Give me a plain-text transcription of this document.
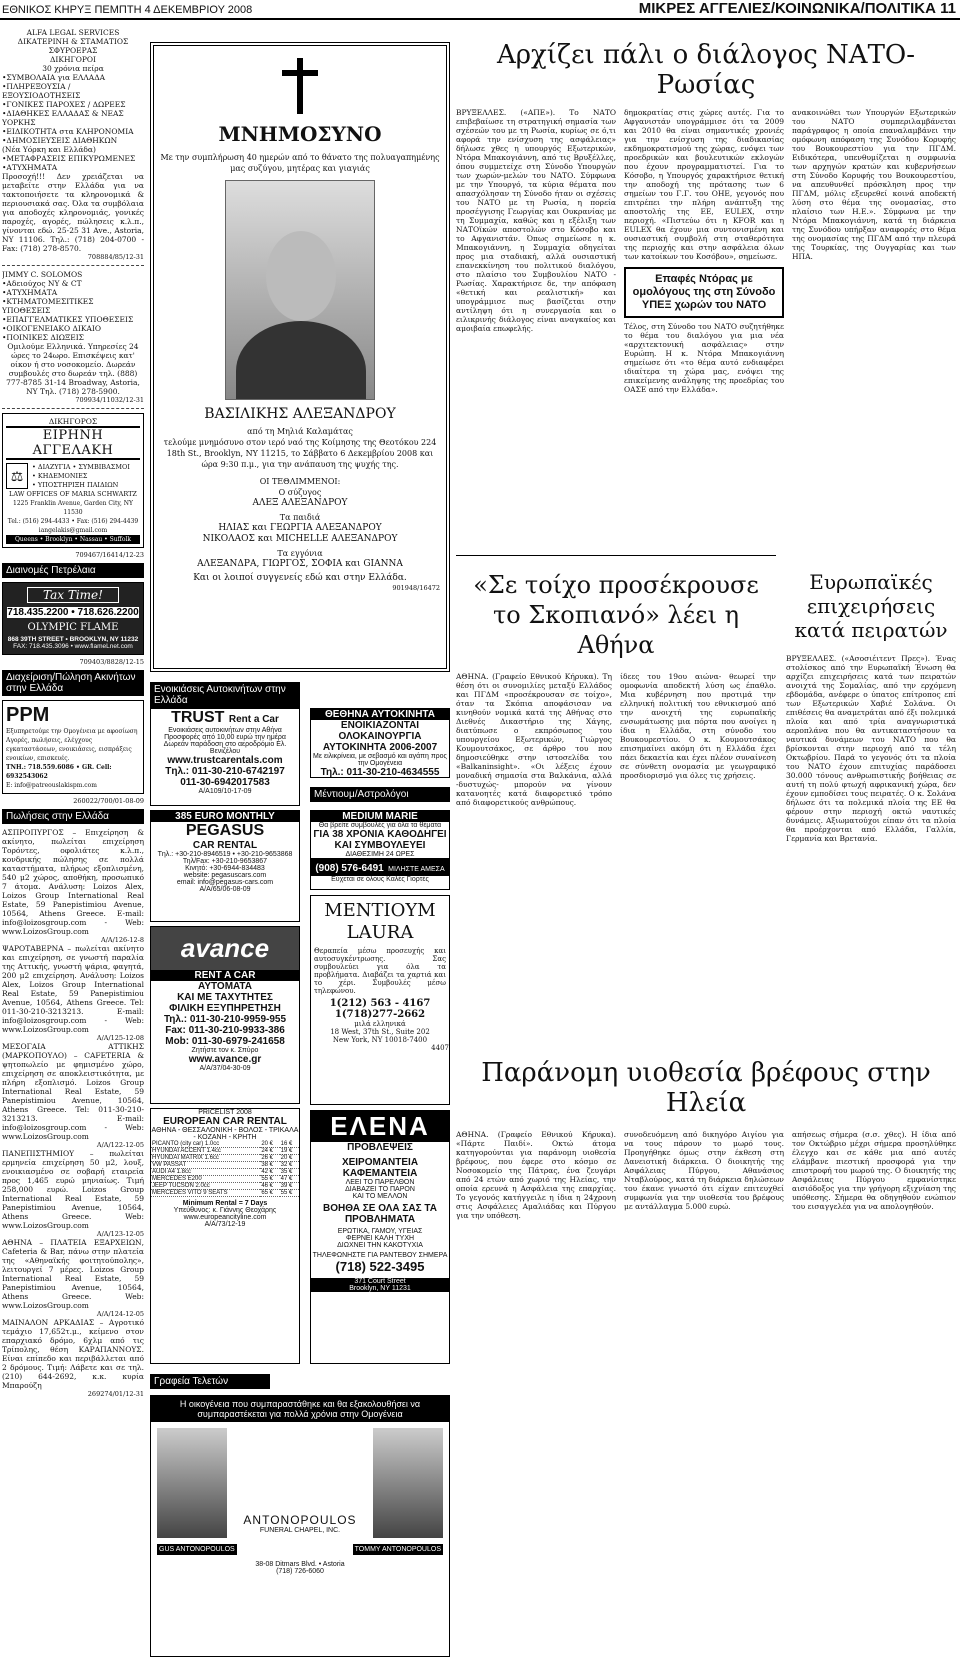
ΕΘΝΙΚΟΣ ΚΗΡΥΞ ΠΕΜΠΤΗ 4 ΔΕΚΕΜΒΡΙΟΥ 2008	ΜΙΚΡΕΣ ΑΓΓΕΛΙΕΣ/ΚΟΙΝΩΝΙΚΑ/ΠΟΛΙΤΙΚΑ 11
ALFA LEGAL SERVICES
ΔΙΚΑΤΕΡΙΝΗ & ΣΤΑΜΑΤΙΟΣ ΣΦΥΡΟΕΡΑΣ
ΔΙΚΗΓΟΡΟΙ
30 χρόνια πείρα
•ΣΥΜΒΟΛΑΙΑ για ΕΛΛΑΔΑ
•ΠΛΗΡΕΞΟΥΣΙΑ / ΕΞΟΥΣΙΟΔΟΤΗΣΕΙΣ
•ΓΟΝΙΚΕΣ ΠΑΡΟΧΕΣ / ΔΩΡΕΕΣ
•ΔΙΑΘΗΚΕΣ ΕΛΛΑΔΑΣ & ΝΕΑΣ ΥΟΡΚΗΣ
•ΕΙΔΙΚΟΤΗΤΑ στα ΚΛΗΡΟΝΟΜΙΑ
•ΔΗΜΟΣΙΕΥΣΕΙΣ ΔΙΑΘΗΚΩΝ
(Νέα Υόρκη και Ελλάδα)
•ΜΕΤΑΦΡΑΣΕΙΣ ΕΠΙΚΥΡΩΜΕΝΕΣ
•ΑΤΥΧΗΜΑΤΑ
Προσοχή!!! Δεν χρειάζεται να μεταβείτε στην Ελλάδα για να τακτοποιήσετε τα κληρονομικά & περιουσιακά σας. Όλα τα συμβόλαια για αποδοχές κληρονομιάς, γονικές παροχές, αγορές, πώλησεις κ.λ.π., γίνονται εδώ. 25-25 31 Ave., Astoria, NY 11106. Τηλ.: (718) 204-0700 - Fax: (718) 278-8570.
708884/85/12-31
JIMMY C. SOLOMOS
•Αδειούχος ΝΥ & CT
•ΑΤΥΧΗΜΑΤΑ
•ΚΤΗΜΑΤΟΜΕΣΙΤΙΚΕΣ ΥΠΟΘΕΣΕΙΣ
•ΕΠΑΓΓΕΛΜΑΤΙΚΕΣ ΥΠΟΘΕΣΕΙΣ
•ΟΙΚΟΓΕΝΕΙΑΚΟ ΔΙΚΑΙΟ
•ΠΟΙΝΙΚΕΣ ΔΙΩΞΕΙΣ
Ομιλούμε Ελληνικά. Υπηρεσίες 24 ώρες το 24ωρο. Επισκέψεις κατ' οίκον ή στο νοσοκομείο. Δωρεάν συμβουλές στο δωρεάν τηλ. (888) 777-8785 31-14 Broadway, Astoria, NY Τηλ. (718) 278-5900.
709934/11032/12-31
ΔΙΚΗΓΟΡΟΣ
ΕΙΡΗΝΗ ΑΓΓΕΛΑΚΗ
⚖
• ΔΙΑΖΥΓΙΑ • ΣΥΜΒΙΒΑΣΜΟΙ
• ΚΗΔΕΜΟΝΙΕΣ
• ΥΠΟΣΤΗΡΙΞΗ ΠΑΙΔΙΩΝ
LAW OFFICES OF MARIA SCHWARTZ
1225 Franklin Avenue, Garden City, NY 11530
Tel.: (516) 294-4433 • Fax: (516) 294-4439
iangelakis@gmail.com
Queens • Brooklyn • Nassau • Suffolk
709467/16414/12-23
Διαινομές Πετρέλαια
Tax Time!
718.435.2200 • 718.626.2200
OLYMPIC FLAME
868 39TH STREET • BROOKLYN, NY 11232
FAX: 718.435.3096 • www.flameLnet.com
709403/8828/12-15
Διαχείριση/Πώληση Ακινήτων στην Ελλάδα
PPM
Εξυπηρετούμε την Ομογένεια με αφοσίωση Αγορές, πωλήσεις, ελέγχους εγκαταστάσεων, ενοικιάσεις, εισπράξεις ενοικίων, επισκευές.
TNH.: 718.559.6086 • GR. Cell: 6932543062
E: info@patreouslakispm.com
260022/700/01-08-09
Πωλήσεις στην Ελλάδα
ΑΣΠΡΟΠΥΡΓΟΣ – Επιχείρηση & ακίνητο, πωλείται επιχείρηση Τορόντες, οφολιάτες κ.λ.π., κονδρικής πώλησης σε πολλά καταστήματα, πλήρως εξοπλισμένη, 540 μ2 χώρος, αποθήκη, προσωπικό 7 άτομα. Ανάλυση: Loizos Alex, Loizos Group International Real Estate, 59 Panepistimiou Avenue, 10564, Athens Greece. E-mail: info@loizosgroup.com - Web: www.LoizosGroup.com
A/A/126-12-8
ΨΑΡΟΤΑΒΕΡΝΑ – πωλείται ακίνητο και επιχείρηση, σε γνωστή παραλία της Αττικής, γνωστή ψάρια, φαγητά, 200 μ2 επιχείρηση. Ανάλυση: Loizos Alex, Loizos Group International Real Estate, 59 Panepistimiou Avenue, 10564, Athens Greece. Tel: 011-30-210-3213213. E-mail: info@loizosgroup.com - Web: www.LoizosGroup.com
A/A/125-12-08
ΜΕΣΟΓΑΙΑ ΑΤΤΙΚΗΣ (ΜΑΡΚΟΠΟΥΛΟ) – CAFETERIA & ψητοπωλείο με φημισμένο χώρο, επιχείρηση σε αποκλειστικότητα, με πλήρη εξοπλισμό. Loizos Group International Real Estate, 59 Panepistimiou Avenue, 10564, Athens Greece. Tel: 011-30-210-3213213. E-mail: info@loizosgroup.com - Web: www.LoizosGroup.com
A/A/122-12-05
ΠΑΝΕΠΙΣΤΗΜΙΟΥ – πωλείται ερμηνεία επιχείρηση 50 μ2, λουξ, ενοικιασμένο σε σοβαρή εταιρεία προς 1,465 ευρώ μηνιαίως. Τιμή 258,000 ευρώ. Loizos Group International Real Estate, 59 Panepistimiou Avenue, 10564, Athens Greece. Web: www.LoizosGroup.com
A/A/123-12-05
ΑΘΗΝΑ – ΠΛΑΤΕΙΑ ΕΞΑΡΧΕΙΩΝ, Cafeteria & Bar, πάνω στην πλατεία της «Αθηναϊκής φοιτητούπολης», λειτουργεί 7 μέρες. Loizos Group International Real Estate, 59 Panepistimiou Avenue, 10564, Athens Greece. Web: www.LoizosGroup.com
A/A/124-12-05
ΜΑΙΝΑΛΟΝ ΑΡΚΑΔΙΑΣ – Αγροτικό τεμάχιο 17,652τ.μ., κείμενο στον επαρχιακό δρόμο, 6χλμ από τις Τρίπολης, θέση ΚΑΡΑΠΑΝΝΟΥΣ. Είναι επίπεδο και περιβάλλεται από 2 δρόμους. Τιμή: Λάβετε και σε τηλ. (210) 644-2692, κ.κ. κυρία Μπαρούζη
269274/01/12-31
ΜΝΗΜΟΣΥΝΟ
Με την συμπλήρωση 40 ημερών από το θάνατο της πολυαγαπημένης μας συζύγου, μητέρας και γιαγιάς
ΒΑΣΙΛΙΚΗΣ ΑΛΕΞΑΝΔΡΟΥ
από τη Μηλιά Καλαμάτας
τελούμε μνημόσυνο στον ιερό ναό της Κοίμησης της Θεοτόκου 224 18th St., Brooklyn, NY 11215, το Σάββατο 6 Δεκεμβρίου 2008 και ώρα 9:30 π.μ., για την ανάπαυση της ψυχής της.
ΟΙ ΤΕΘΛΙΜΜΕΝΟΙ:
Ο σύζυγος
ΑΛΕΞ ΑΛΕΞΑΝΔΡΟΥ
Τα παιδιά
ΗΛΙΑΣ και ΓΕΩΡΓΙΑ ΑΛΕΞΑΝΔΡΟΥ
ΝΙΚΟΛΑΟΣ και MICHELLE ΑΛΕΞΑΝΔΡΟΥ
Τα εγγόνια
ΑΛΕΞΑΝΔΡΑ, ΓΙΩΡΓΟΣ, ΣΟΦΙΑ και GIANNA
Και οι λοιποί συγγενείς εδώ και στην Ελλάδα.
901948/16472
Αρχίζει πάλι ο διάλογος ΝΑΤΟ-Ρωσίας
ΒΡΥΞΕΛΛΕΣ. («ΑΠΕ»). Το ΝΑΤΟ επιβεβαίωσε τη στρατηγική σημασία των σχέσεών του με τη Ρωσία, κυρίως σε ό,τι αφορά την ενίσχυση της ασφάλειας» δήλωσε χθες η υπουργός Εξωτερικών, Ντόρα Μπακογιάννη, από τις Βρυξέλλες, όπου συμμετείχε στη Σύνοδο Υπουργών των χωρών-μελών του ΝΑΤΟ. Σύμφωνα με την Υπουργό, τα κύρια θέματα που απασχόλησαν τη Σύνοδο ήταν οι σχέσεις του ΝΑΤΟ με τη Ρωσία, η πορεία προσέγγισης Γεωργίας και Ουκρανίας με τη Συμμαχία, καθώς και η εξέλιξη των ΝΑΤΟϊκών αποστολών στο Κόσοβο και το Αφγανιστάν. Όπως σημείωσε η κ. Μπακογιάννη, η Συμμαχία οδηγείται προς μια σταδιακή, αλλά ουσιαστική επανεκκίνηση του πολιτικού διαλόγου, στο πλαίσιο του Συμβουλίου ΝΑΤΟ - Ρωσίας. Χαρακτήρισε δε, την απόφαση «θετική και ρεαλιστική» και υπογράμμισε πως βασίζεται στην αντίληψη ότι η συνεργασία και ο ειλικρινής διάλογος είναι αναγκαίος και αμοιβαία επωφελής.
δημοκρατίας στις χώρες αυτές. Για το Αφγανιστάν υπογράμμισε ότι τα 2009 και 2010 θα είναι σημαντικές χρονιές για την ενίσχυση της διαδικασίας εκδημοκρατισμού της χώρας, ενόψει των προεδρικών και βουλευτικών εκλογών που έχουν προγραμματιστεί. Για το Κόσοβο, η Υπουργός χαρακτήρισε θετική την αποδοχή της πρότασης των 6 σημείων του Γ.Γ. του ΟΗΕ, γεγονός που επιτρέπει την πλήρη ανάπτυξη της αποστολής της ΕΕ, EULEX, στην περιοχή. «Πιστεύω ότι η KFOR και η EULEX θα έχουν μια συντονισμένη και ουσιαστική συμβολή στη σταθερότητα της περιοχής και στην ασφάλεια όλων των κατοίκων του Κοσόβου», σημείωσε.
Επαφές Ντόρας με ομολόγους της στη Σύνοδο ΥΠΕΞ χωρών του ΝΑΤΟ
Τέλος, στη Σύνοδο του ΝΑΤΟ συζητήθηκε το θέμα του διαλόγου για μια νέα «αρχιτεκτονική ασφάλειας» στην Ευρώπη. Η κ. Ντόρα Μπακογιάννη σημείωσε ότι «το θέμα αυτό ενδιαφέρει ιδιαίτερα τη χώρα μας, ενόψει της επικείμενης ανάληψης της προεδρίας του ΟΑΣΕ από την Ελλάδα».
ανακοινώθει των Υπουργών Εξωτερικών του ΝΑΤΟ συμπεριλαμβάνεται παράγραφος η οποία επαναλαμβάνει την ομόφωνη απόφαση της Συνόδου Κορυφής του Βουκουρεστίου για την ΠΓΔΜ. Ειδικότερα, υπενθυμίζεται η συμφωνία των αρχηγών κρατών και κυβερνήσεων στη Σύνοδο Κορυφής του Βουκουρεστίου, να απευθυνθεί πρόσκληση προς την ΠΓΔΜ, μόλις εξευρεθεί κοινά αποδεκτή λύση στο θέμα της ονομασίας, στο πλαίσιο των Η.Ε.». Σύμφωνα με την Ντόρα Μπακογιάννη, κατά τη διάρκεια της Συνόδου υπήρξαν αναφορές στο θέμα της ονομασίας της ΠΓΔΜ από την πλευρά της Τουρκίας, της Ουγγαρίας και των ΗΠΑ.
«Σε τοίχο προσέκρουσε το Σκοπιανό» λέει η Αθήνα
ΑΘΗΝΑ. (Γραφείο Εθνικού Κήρυκα). Τη θέση ότι οι συνομιλίες μεταξύ Ελλάδος και ΠΓΔΜ «προσέκρουσαν σε τοίχο», όταν τα Σκόπια αποφάσισαν να κινηθούν νομικά κατά της Αθήνας στο Διεθνές Δικαστήριο της Χάγης, διατύπωσε ο εκπρόσωπος του υπουργείου Εξωτερικών, Γιώργος Κουμουτσάκος, σε άρθρο του που δημοσιεύθηκε στην ιστοσελίδα του «Balkaninsight». «Οι λέξεις έχουν μοναδική σημασία στα Βαλκάνια, αλλά -δυστυχώς- μπορούν να γίνουν κατανοητές κατά διαφορετικό τρόπο από διαφορετικούς ανθρώπους.
ίδεες του 19ου αιώνα- θεωρεί την ομοφωνία αποδεκτή λύση ως έπαθλο. Μια κυβέρνηση που προτιμά την ελληνική πολιτική του εθνικισμού από την ανοιχτή της ευρωπαϊκής ενσωμάτωσης μια πόρτα που ανοίγει η ίδια η Ελλάδα, στη σύνοδο του Βουκουρεστίου. Ο κ. Κουμουτσάκος επισημαίνει ακόμη ότι η Ελλάδα έχει πάει δεκαετία και έχει πλέον συναίνεση σε σύνθετη ονομασία με γεωγραφικό προσδιορισμό για όλες τις χρήσεις.
Ευρωπαϊκές επιχειρήσεις κατά πειρατών
ΒΡΥΞΕΛΛΕΣ. («Ασοσιέιτεντ Πρες»). Ένας στολίσκος από την Ευρωπαϊκή Ένωση θα αρχίζει επιχειρήσεις κατά των πειρατών ανοιχτά της Σομαλίας, από την ερχόμενη εβδομάδα, ανέφερε ο ύπατος επίτροπος επί των Εξωτερικών Χαβιέ Σολάνα. Οι επιθέσεις θα αναμετράται από έξι πολεμικά πλοία και από τρία αναγνωριστικά αεροπλάνα που θα αντικαταστήσουν τα ναυτικά δυνάμεων του ΝΑΤΟ που θα βρίσκονται στην περιοχή από τα τέλη Οκτωβρίου. Παρά το γεγονός ότι τα πλοία του ΝΑΤΟ έχουν επιτυχίας παράδοσει 30.000 τόνους ανθρωπιστικής βοήθειας σε αυτή τη πολύ φτωχή αφρικανική χώρα, δεν έχουν εμποδίσει τους πειρατές. Ο κ. Σολάνα δήλωσε ότι τα πολεμικά πλοία της ΕΕ θα φέρουν στην περιοχή οκτώ ναυτικές δυνάμεις. Αξιωματούχοι είπαν ότι τα πλοία θα προέρχονται από Ελλάδα, Γαλλία, Γερμανία και Βρετανία.
Παράνομη υιοθεσία βρέφους στην Ηλεία
ΑΘΗΝΑ. (Γραφείο Εθνικού Κήρυκα). «Πάρτε Παιδί». Οκτώ άτομα κατηγορούνται για παράνομη υιοθεσία βρέφους, που έφερε στο κόσμο σε Νοσοκομείο της Πάτρας, ένα ζευγάρι από 24 ετών από χωριό της Ηλείας, την οποία ερευνά η Ασφάλεια της επαρχίας. Το γεγονός κατήγγειλε η ίδια η 24χρονη στις Ασφάλειες Αμαλιάδας και Πύργου για την υπόθεση.
συνοδευόμενη από δικηγόρο Αιγίου για να τους πάρουν το μωρό τους. Προηγήθηκε όμως στην έκθεση στη Δανειοτική διάρκεια. Ο διοικητής της Ασφάλειας Πύργου, Αθανάσιος Νταβλούρος, κατά τη διάρκεια δηλώσεων του έκανε γνωστό ότι είχαν επιτευχθεί συμφωνία για την υιοθεσία του βρέφους με αντάλλαγμα 5.000 ευρώ.
απήσεως σήμερα (σ.σ. χθες). Η ίδια από τον Οκτώβριο μέχρι σήμερα προσηλύθηκε έλεγχο και σε κάθε μια από αυτές ελάμβανε πιεστική προσφορά για την επιστροφή του μωρού της. Ο διοικητής της Ασφάλειας Πύργου εμφανίστηκε αισιόδοξος για την γρήγορη εξιχνίαση της υπόθεσης. Σήμερα θα οδηγηθούν ενώπιον του εισαγγελέα για να απολογηθούν.
Ενοικιάσεις Αυτοκινήτων στην Ελλάδα
TRUST Rent a Car
Ενοικιάσεις αυτοκινήτων στην Αθήνα
Προσφορές από 10,00 ευρώ την ημέρα
Δωρεάν παράδοση στο αεροδρόμιο Ελ. Βενιζέλου
www.trustcarentals.com
Tηλ.: 011-30-210-6742197
011-30-6942017583
A/A109/10-17-09
385 EURO MONTHLY
PEGASUS
CAR RENTAL
Tηλ.: +30-210-8946519 • +30-210-9653868
Τηλ/Fax: +30-210-9653867
Κινητό: +30-6944-834483
website: pegasuscars.com
email: info@pegasus-cars.com
A/A/65/06-08-09
avance
RENT A CAR
ΑΥΤΟΜΑΤΑ
ΚΑΙ ΜΕ ΤΑΧΥΤΗΤΕΣ
ΦΙΛΙΚΗ ΕΞΥΠΗΡΕΤΗΣΗ
Τηλ.: 011-30-210-9959-955
Fax: 011-30-210-9933-386
Mob: 011-30-6979-241658
Ζητήστε τον κ. Σπύρο
www.avance.gr
A/A/37/04-30-09
PRICELIST 2008
EUROPEAN CAR RENTAL
ΑΘΗΝΑ - ΘΕΣΣΑΛΟΝΙΚΗ - ΒΟΛΟΣ - ΤΡΙΚΑΛΑ - ΚΟΖΑΝΗ - ΚΡΗΤΗ
PICANTO (city car) 1.0cc	20 €	16 €
HYUNDAI ACCENT 1.4cc	24 €	19 €
HYUNDAI MATRIX 1.6cc	26 €	20 €
VW PASSAT	38 €	32 €
AUDI A4 1.8cc	42 €	35 €
MERCEDES E200	55 €	47 €
JEEP TUCSON 2.0cc	46 €	39 €
MERCEDES VITO 9 SEATS	65 €	55 €
Minimum Rental = 7 Days
Υπεύθυνος: κ. Γιάννης Θεοχάρης
www.europeancityline.com
A/A/73/12-19
ΘΕΘΗΝΑ ΑΥΤΟΚΙΝΗΤΑ
ΕΝΟΙΚΙΑΖΟΝΤΑΙ
ΟΛΟΚΑΙΝΟΥΡΓΙΑ
ΑΥΤΟΚΙΝΗΤΑ 2006-2007
Με ειλικρίνεια, με σεβασμό και αγάπη προς την Ομογένεια
Τηλ.: 011-30-210-4634555
Μέντιουμ/Αστρολόγοι
MEDIUM MARIE
Θα βρείτε συμβουλές για όλα τα θέματα
ΓΙΑ 38 ΧΡΟΝΙΑ ΚΑΘΟΔΗΓΕΙ
ΚΑΙ ΣΥΜΒΟΥΛΕΥΕΙ
ΔΙΑΘΕΣΙΜΗ 24 ΩΡΕΣ
(908) 576-6491 ΜΙΛΗΣΤΕ ΑΜΕΣΑ
Εύχεται σε όλους Καλές Γιορτές
ΜΕΝΤΙΟΥΜ LAURA
Θεραπεία μέσω προσευχής και αυτοσυγκέντρωσης. Σας συμβουλεύει για όλα τα προβλήματα. Διαβάζει τα χαρτιά και το χέρι. Συμβουλές μέσω τηλεφώνου.
1(212) 563 - 4167
1(718)277-2662
μιλά ελληνικά
18 West, 37th St., Suite 202
New York, NY 10018-7400
4407
ΕΛΕΝΑ
ΠΡΟΒΛΕΨΕΙΣ
ΧΕΙΡΟΜΑΝΤΕΙΑ
ΚΑΦΕΜΑΝΤΕΙΑ
ΛΕΕΙ ΤΟ ΠΑΡΕΛΘΟΝ
ΔΙΑΒΑΖΕΙ ΤΟ ΠΑΡΟΝ
ΚΑΙ ΤΟ ΜΕΛΛΟΝ
ΒΟΗΘΑ ΣΕ ΟΛΑ ΣΑΣ ΤΑ ΠΡΟΒΛΗΜΑΤΑ
ΕΡΩΤΙΚΑ, ΓΑΜΟΥ, ΥΓΕΙΑΣ
ΦΕΡΝΕΙ ΚΑΛΗ ΤΥΧΗ
ΔΙΩΧΝΕΙ ΤΗΝ ΚΑΚΟΤΥΧΙΑ
ΤΗΛΕΦΩΝΗΣΤΕ ΓΙΑ ΡΑΝΤΕΒΟΥ ΣΗΜΕΡΑ
(718) 522-3495
371 Court Street
Brooklyn, NY 11231
Γραφεία Τελετών
Η οικογένεια που συμπαραστάθηκε και θα εξακολουθήσει να συμπαραστέκεται για πολλά χρόνια στην Ομογένεια
ANTONOPOULOS
FUNERAL CHAPEL, INC.
GUS ANTONOPOULOS	TOMMY ANTONOPOULOS
38-08 Ditmars Blvd. • Astoria
(718) 726-6060
